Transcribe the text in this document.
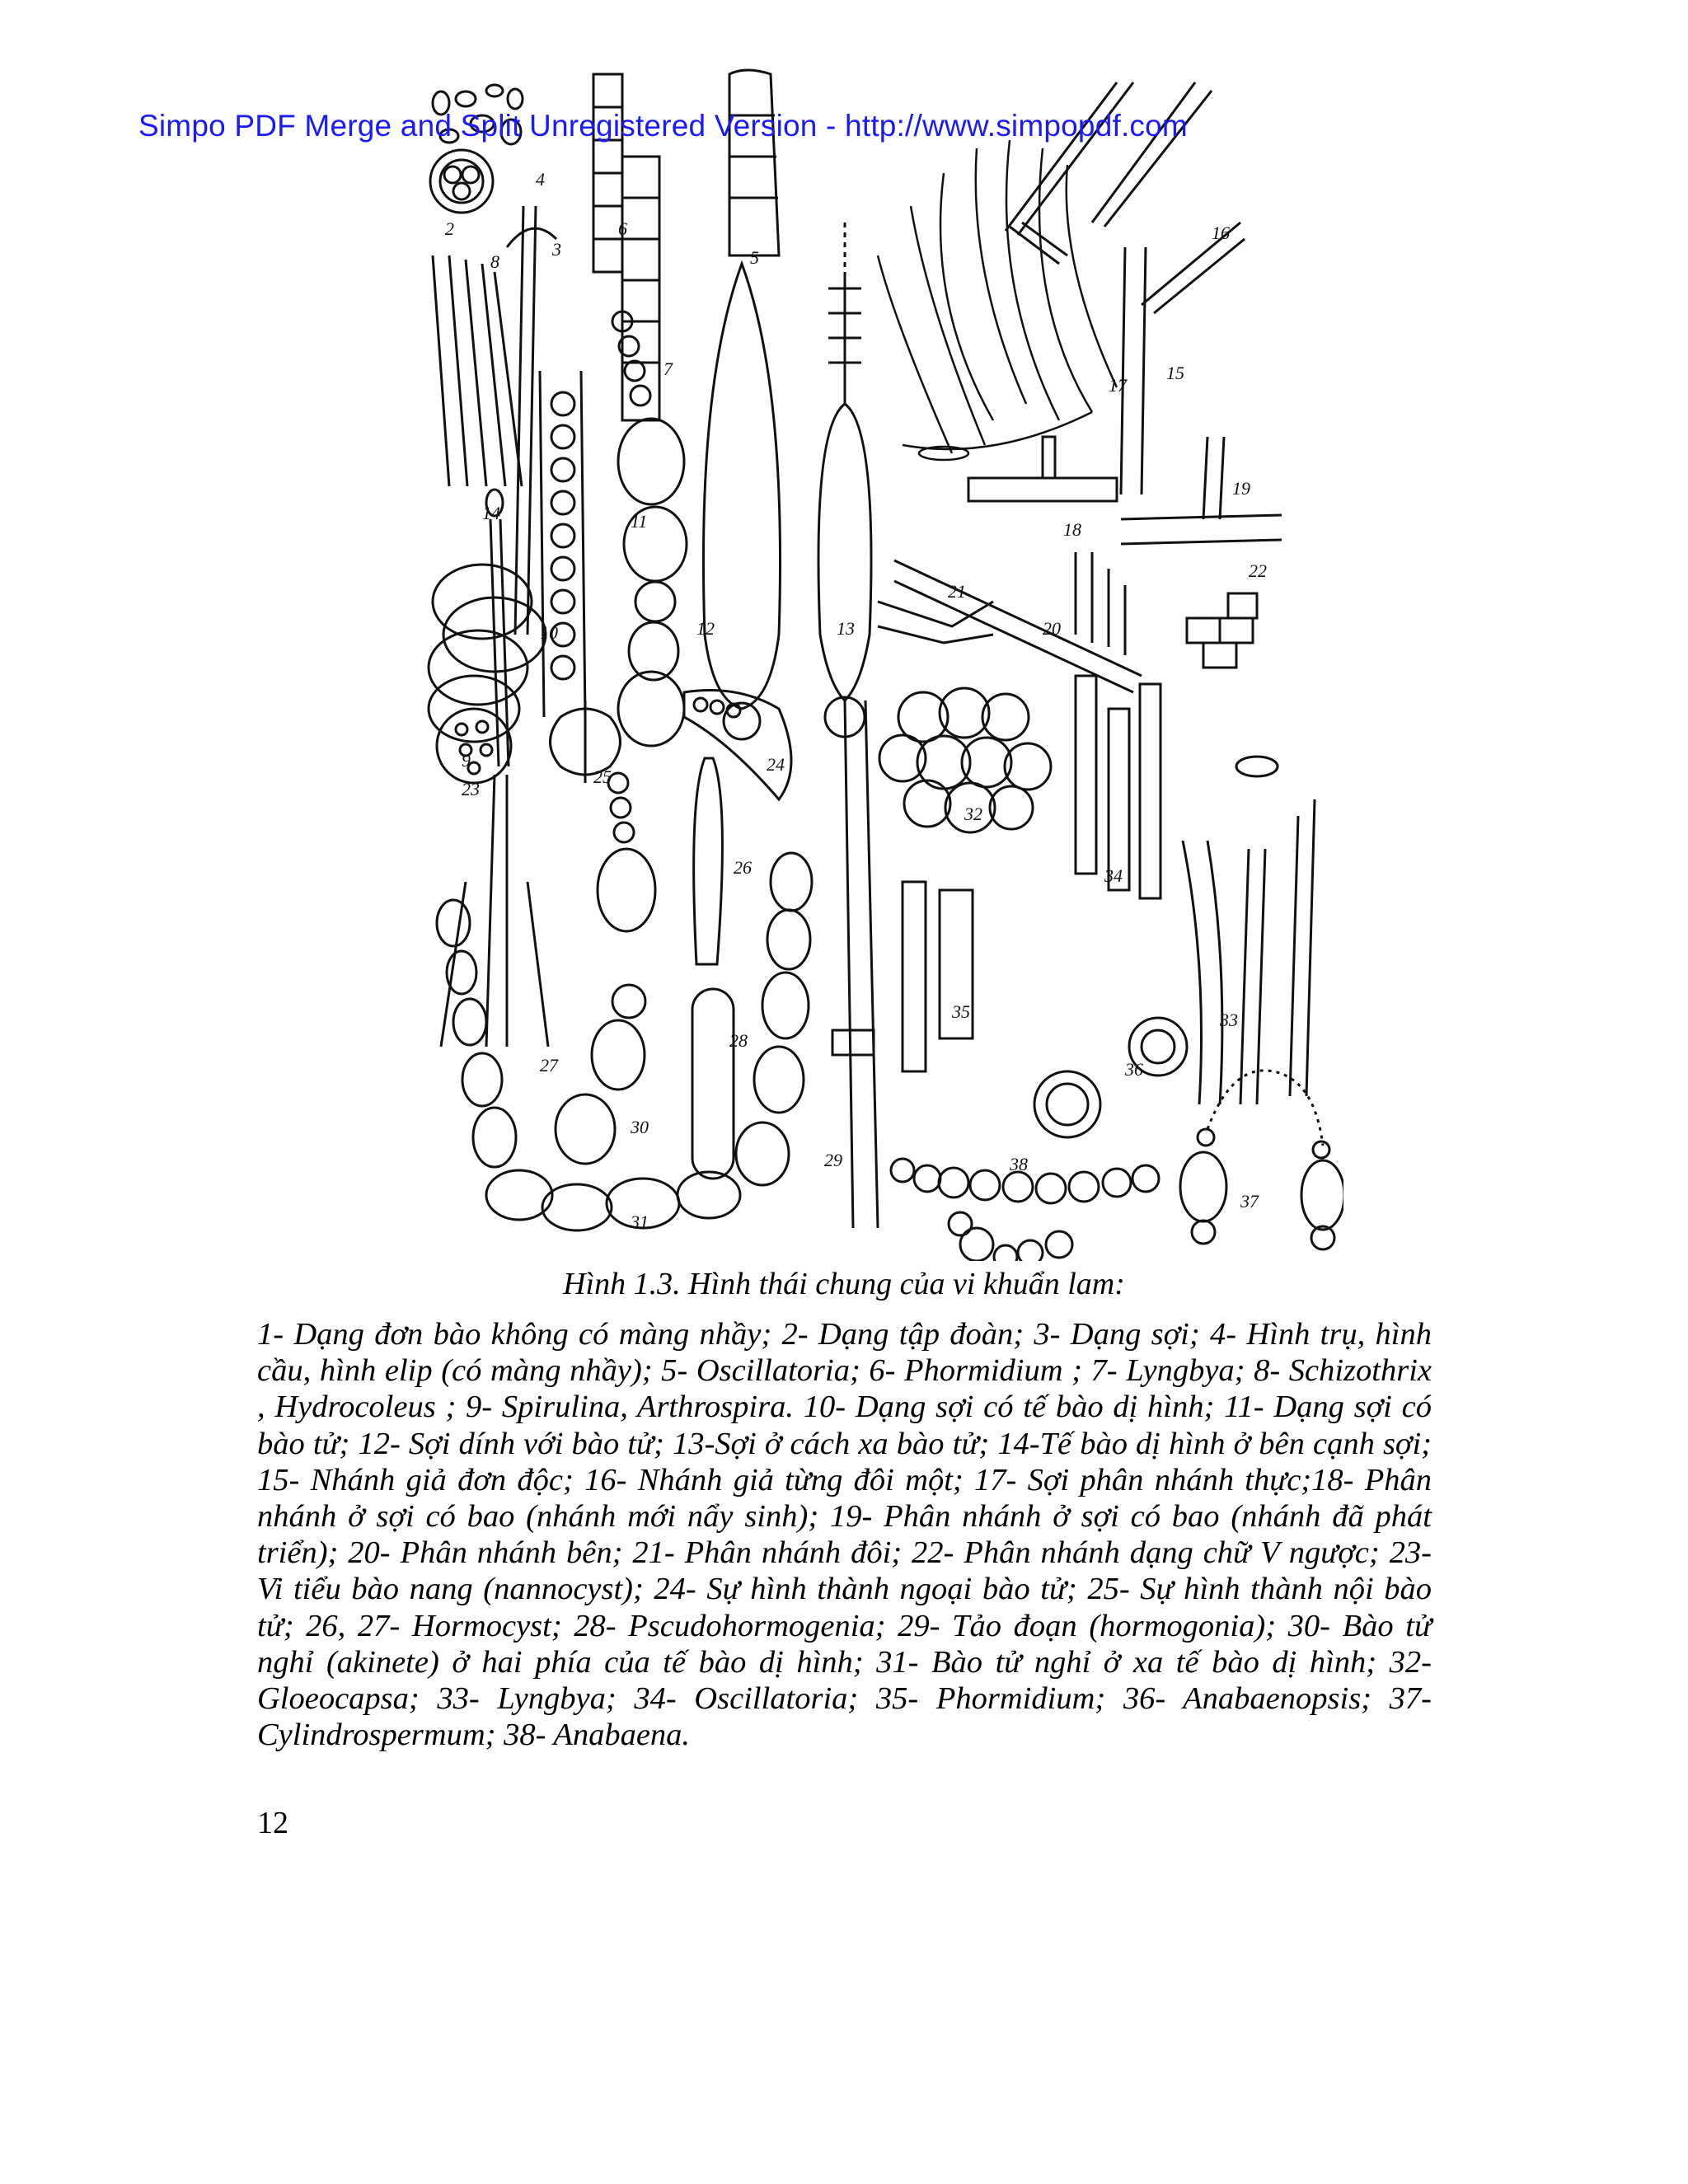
Simpo PDF Merge and Split Unregistered Version - http://www.simpopdf.com
2
4
6
5
3
8
7
14
9
10
11
12	13
16
15
17
18
19
21
20
22
23
25
24
26
32
34
27
28
35
36
33
30
29
31
38
37
Hình 1.3. Hình thái chung của vi khuẩn lam:
1- Dạng đơn bào không có màng nhầy; 2- Dạng tập đoàn; 3- Dạng sợi; 4- Hình trụ, hình cầu, hình elip (có màng nhầy); 5- Oscillatoria; 6- Phormidium ; 7- Lyngbya; 8- Schizothrix , Hydrocoleus ; 9- Spirulina, Arthrospira. 10- Dạng sợi có tế bào dị hình; 11- Dạng sợi có bào tử; 12- Sợi dính với bào tử; 13-Sợi ở cách xa bào tử; 14-Tế bào dị hình ở bên cạnh sợi; 15- Nhánh giả đơn độc; 16- Nhánh giả từng đôi một; 17- Sợi phân nhánh thực;18- Phân nhánh ở sợi có bao (nhánh mới nẩy sinh); 19- Phân nhánh ở sợi có bao (nhánh đã phát triển); 20- Phân nhánh bên; 21- Phân nhánh đôi; 22- Phân nhánh dạng chữ V ngược; 23- Vi tiểu bào nang (nannocyst); 24- Sự hình thành ngoại bào tử; 25- Sự hình thành nội bào tử; 26, 27- Hormocyst; 28- Pscudohormogenia; 29- Tảo đoạn (hormogonia); 30- Bào tử nghỉ (akinete) ở hai phía của tế bào dị hình; 31- Bào tử nghỉ ở xa tế bào dị hình; 32- Gloeocapsa; 33- Lyngbya; 34- Oscillatoria; 35- Phormidium; 36- Anabaenopsis; 37- Cylindrospermum; 38- Anabaena.
12
